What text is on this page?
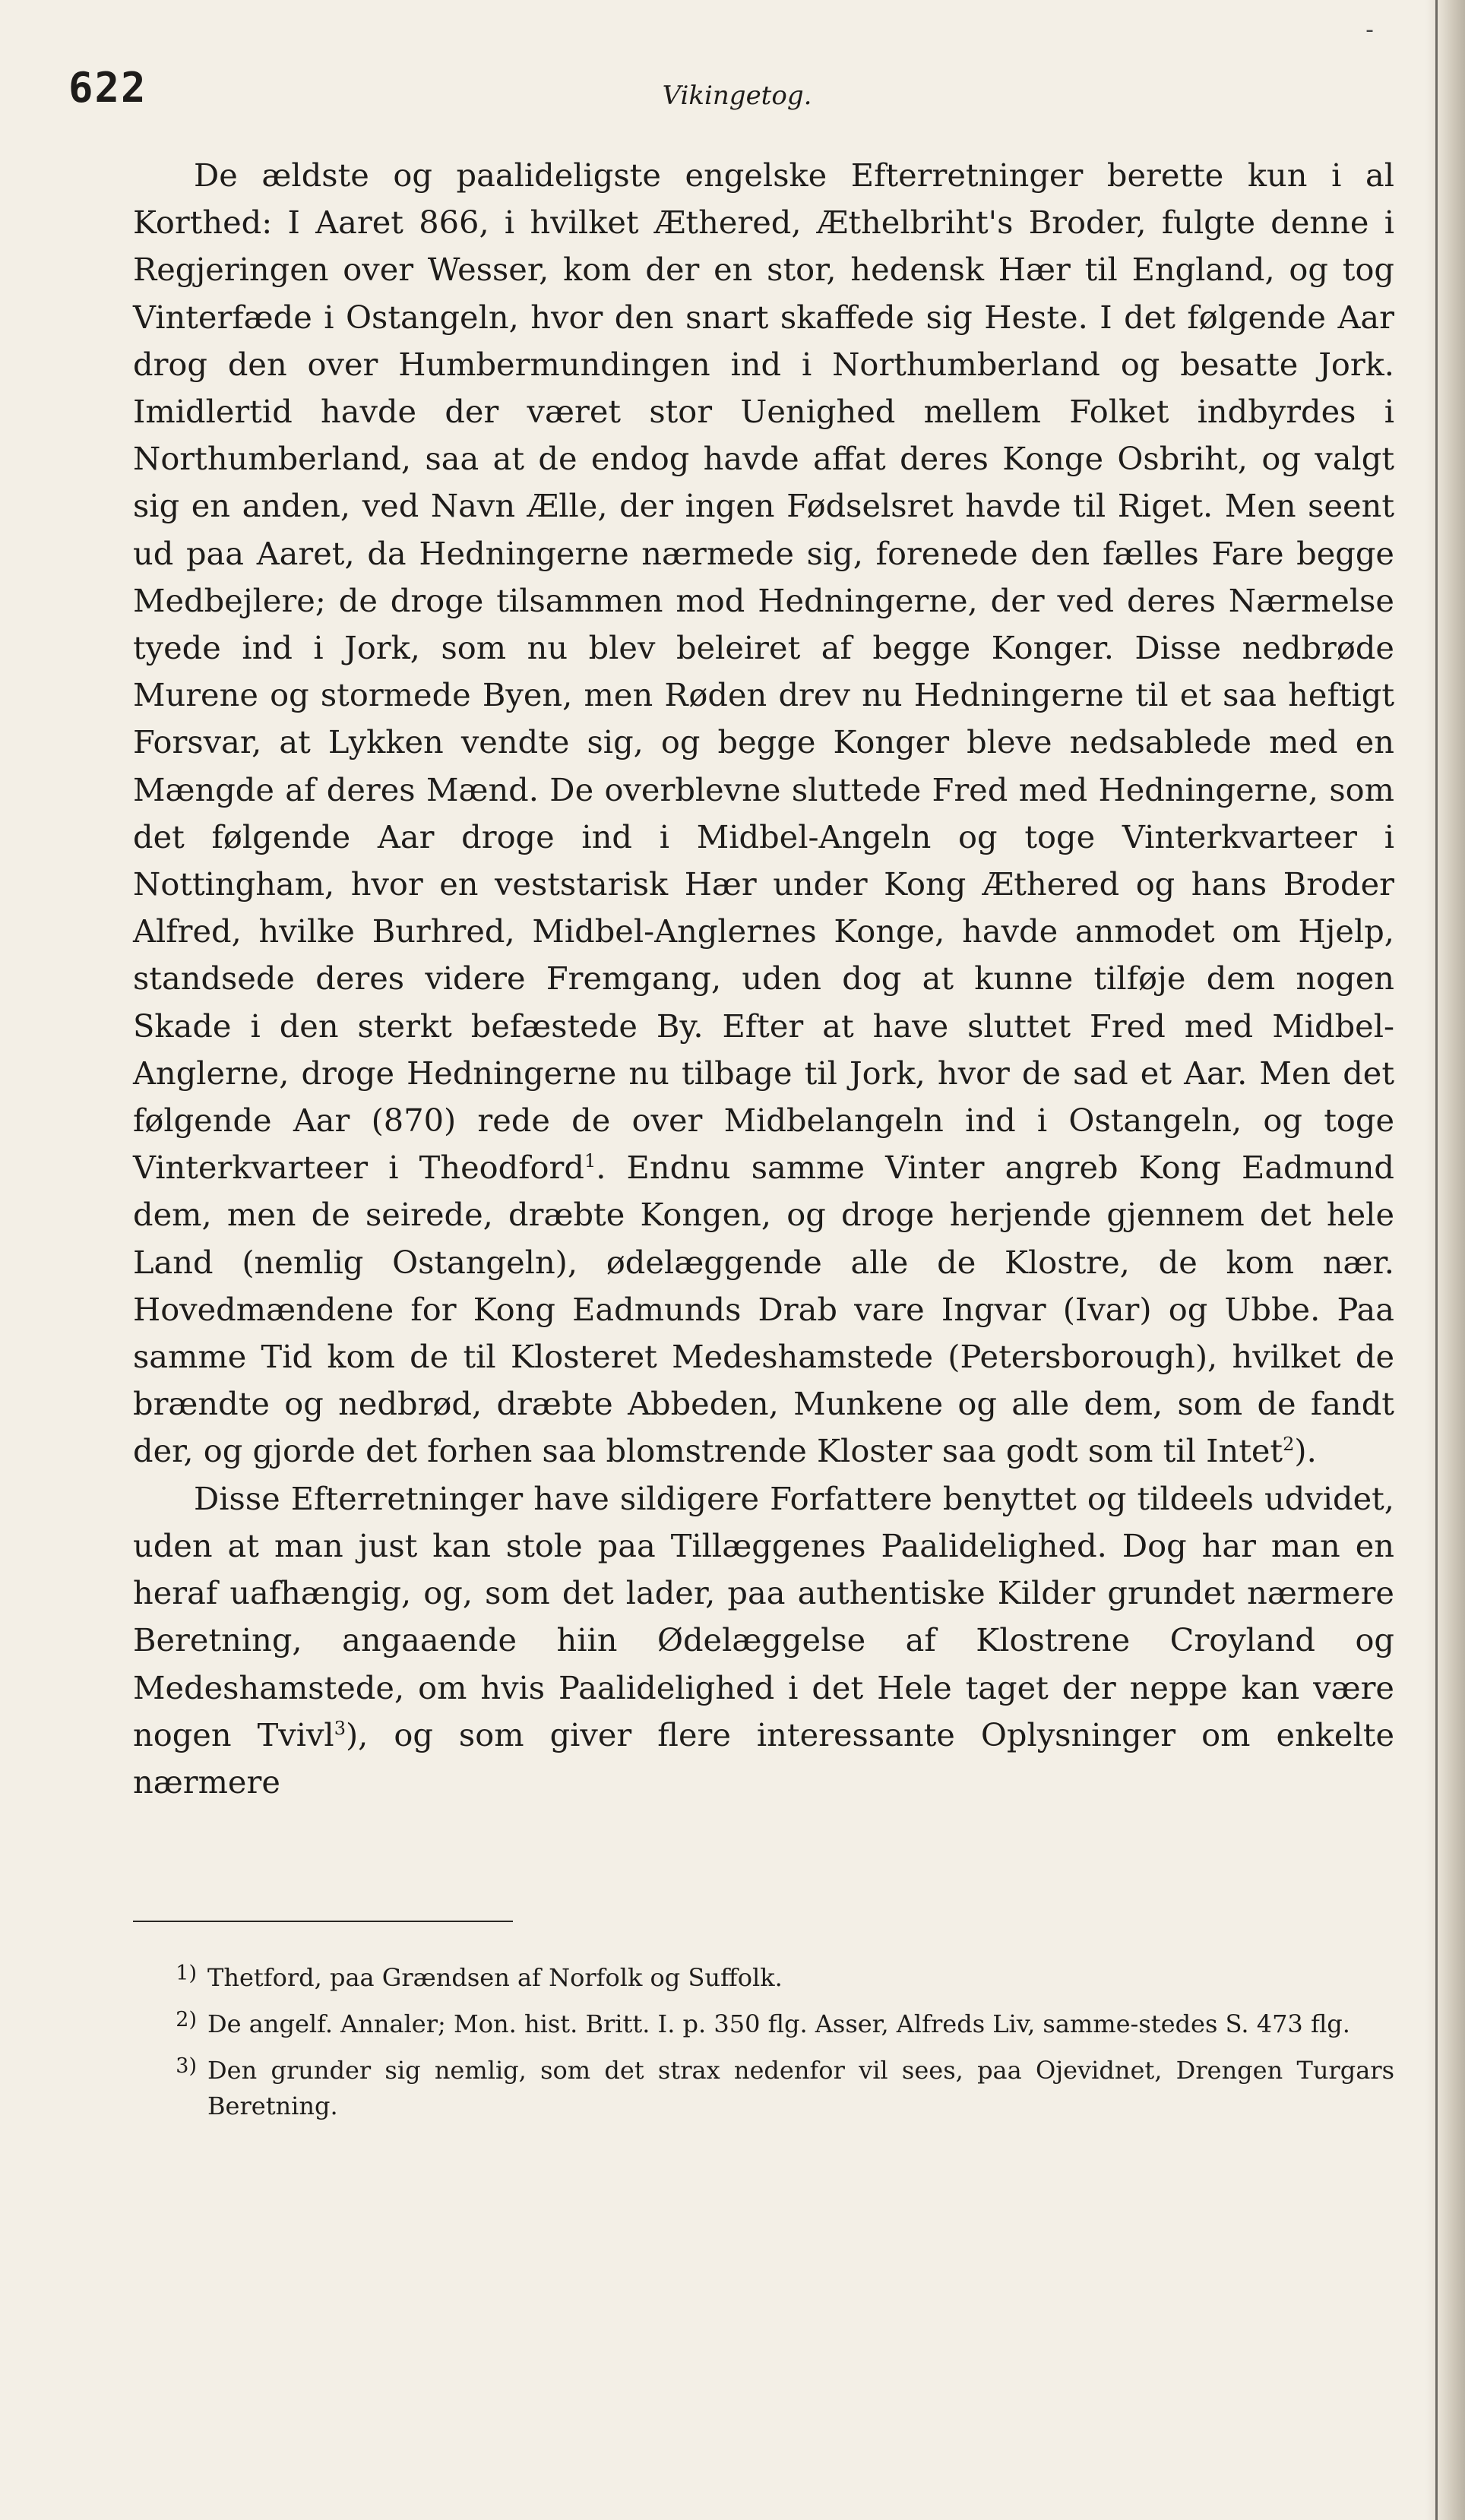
-
622	Vikingetog.

De ældste og paalideligste engelske Efterretninger berette kun i al Korthed: I Aaret 866, i hvilket Æthered, Æthelbriht's Broder, fulgte denne i Regjeringen over Wesser, kom der en stor, hedensk Hær til England, og tog Vinterfæde i Ostangeln, hvor den snart skaffede sig Heste. I det følgende Aar drog den over Humbermundingen ind i Northumberland og besatte Jork. Imidlertid havde der været stor Uenighed mellem Folket indbyrdes i Northumberland, saa at de endog havde affat deres Konge Osbriht, og valgt sig en anden, ved Navn Ælle, der ingen Fødselsret havde til Riget. Men seent ud paa Aaret, da Hedningerne nærmede sig, forenede den fælles Fare begge Medbejlere; de droge tilsammen mod Hedningerne, der ved deres Nærmelse tyede ind i Jork, som nu blev beleiret af begge Konger. Disse nedbrøde Murene og stormede Byen, men Røden drev nu Hedningerne til et saa heftigt Forsvar, at Lykken vendte sig, og begge Konger bleve nedsablede med en Mængde af deres Mænd. De overblevne sluttede Fred med Hedningerne, som det følgende Aar droge ind i Midbel-Angeln og toge Vinterkvarteer i Nottingham, hvor en veststarisk Hær under Kong Æthered og hans Broder Alfred, hvilke Burhred, Midbel-Anglernes Konge, havde anmodet om Hjelp, standsede deres videre Fremgang, uden dog at kunne tilføje dem nogen Skade i den sterkt befæstede By. Efter at have sluttet Fred med Midbel-Anglerne, droge Hedningerne nu tilbage til Jork, hvor de sad et Aar. Men det følgende Aar (870) rede de over Midbelangeln ind i Ostangeln, og toge Vinterkvarteer i Theodford$^1$. Endnu samme Vinter angreb Kong Eadmund dem, men de seirede, dræbte Kongen, og droge herjende gjennem det hele Land (nemlig Ostangeln), ødelæggende alle de Klostre, de kom nær. Hovedmændene for Kong Eadmunds Drab vare Ingvar (Ivar) og Ubbe. Paa samme Tid kom de til Klosteret Medeshamstede (Petersborough), hvilket de brændte og nedbrød, dræbte Abbeden, Munkene og alle dem, som de fandt der, og gjorde det forhen saa blomstrende Kloster saa godt som til Intet$^2$).

Disse Efterretninger have sildigere Forfattere benyttet og tildeels udvidet, uden at man just kan stole paa Tillæggenes Paalidelighed. Dog har man en heraf uafhængig, og, som det lader, paa authentiske Kilder grundet nærmere Beretning, angaaende hiin Ødelæggelse af Klostrene Croyland og Medeshamstede, om hvis Paalidelighed i det Hele taget der neppe kan være nogen Tvivl$^3$), og som giver flere interessante Oplysninger om enkelte nærmere

1) Thetford, paa Grændsen af Norfolk og Suffolk.
2) De angelf. Annaler; Mon. hist. Britt. I. p. 350 flg. Asser, Alfreds Liv, samme-stedes S. 473 flg.
3) Den grunder sig nemlig, som det strax nedenfor vil sees, paa Ojevidnet, Drengen Turgars Beretning.
